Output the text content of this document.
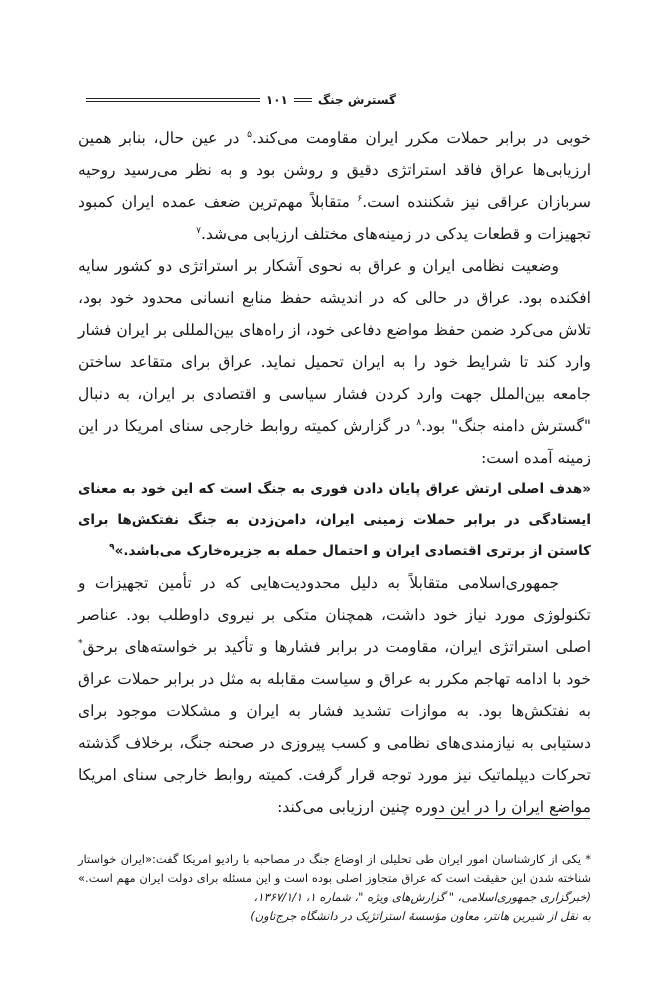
گسترش جنگ
۱۰۱

خوبی در برابر حملات مکرر ایران مقاومت می‌کند.$^۵$ در عین حال، بنابر همین ارزیابی‌ها عراق فاقد استراتژی دقیق و روشن بود و به نظر می‌رسید روحیه سربازان عراقی نیز شکننده است.$^۶$ متقابلاً مهم‌ترین ضعف عمده ایران کمبود تجهیزات و قطعات یدکی در زمینه‌های مختلف ارزیابی می‌شد.$^۷$

وضعیت نظامی ایران و عراق به نحوی آشکار بر استراتژی دو کشور سایه افکنده بود. عراق در حالی که در اندیشه حفظ منابع انسانی محدود خود بود، تلاش می‌کرد ضمن حفظ مواضع دفاعی خود، از راه‌های بین‌المللی بر ایران فشار وارد کند تا شرایط خود را به ایران تحمیل نماید. عراق برای متقاعد ساختن جامعه بین‌الملل جهت وارد کردن فشار سیاسی و اقتصادی بر ایران، به دنبال "گسترش دامنه جنگ" بود.$^۸$ در گزارش کمیته روابط خارجی سنای امریکا در این زمینه آمده است:

«هدف اصلی ارتش عراق پایان دادن فوری به جنگ است که این خود به معنای ایستادگی در برابر حملات زمینی ایران، دامن‌زدن به جنگ نفتکش‌ها برای کاستن از برتری اقتصادی ایران و احتمال حمله به جزیره‌خارک می‌باشد.»$^۹$

جمهوری‌اسلامی متقابلاً به دلیل محدودیت‌هایی که در تأمین تجهیزات و تکنولوژی مورد نیاز خود داشت، همچنان متکی بر نیروی داوطلب بود. عناصر اصلی استراتژی ایران، مقاومت در برابر فشارها و تأکید بر خواسته‌های برحق* خود با ادامه تهاجم مکرر به عراق و سیاست مقابله به مثل در برابر حملات عراق به نفتکش‌ها بود. به موازات تشدید فشار به ایران و مشکلات موجود برای دستیابی به نیازمندی‌های نظامی و کسب پیروزی در صحنه جنگ، برخلاف گذشته تحرکات دیپلماتیک نیز مورد توجه قرار گرفت. کمیته روابط خارجی سنای امریکا مواضع ایران را در این دوره چنین ارزیابی می‌کند:

* یکی از کارشناسان امور ایران طی تحلیلی از اوضاع جنگ در مصاحبه با رادیو امریکا گفت:«ایران خواستار شناخته شدن این حقیقت است که عراق متجاوز اصلی بوده است و این مسئله برای دولت ایران مهم است.» (خبرگزاری جمهوری‌اسلامی، " گزارش‌های ویژه "، شماره ۱، ۱۳۶۷/۱/۱،

به نقل از شیرین هانتر، معاون مؤسسهٔ استراتژیک در دانشگاه جرج‌تاون)
